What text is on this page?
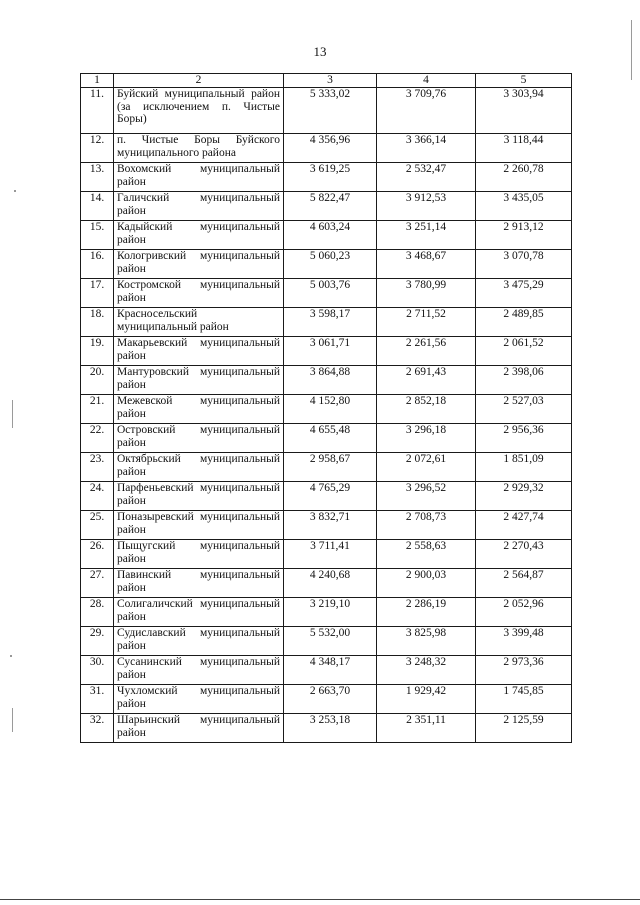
13
1	2	3	4	5
11.	Буйский муниципальный район (за исключением п. Чистые Боры)	5 333,02	3 709,76	3 303,94
12.	п. Чистые Боры Буйского муниципального района	4 356,96	3 366,14	3 118,44
13.	Вохомский муниципальный район	3 619,25	2 532,47	2 260,78
14.	Галичский муниципальный район	5 822,47	3 912,53	3 435,05
15.	Кадыйский муниципальный район	4 603,24	3 251,14	2 913,12
16.	Кологривский муниципальный район	5 060,23	3 468,67	3 070,78
17.	Костромской муниципальный район	5 003,76	3 780,99	3 475,29
18.	Красносельский муниципальный район	3 598,17	2 711,52	2 489,85
19.	Макарьевский муниципальный район	3 061,71	2 261,56	2 061,52
20.	Мантуровский муниципальный район	3 864,88	2 691,43	2 398,06
21.	Межевской муниципальный район	4 152,80	2 852,18	2 527,03
22.	Островский муниципальный район	4 655,48	3 296,18	2 956,36
23.	Октябрьский муниципальный район	2 958,67	2 072,61	1 851,09
24.	Парфеньевский муниципальный район	4 765,29	3 296,52	2 929,32
25.	Поназыревский муниципальный район	3 832,71	2 708,73	2 427,74
26.	Пыщугский муниципальный район	3 711,41	2 558,63	2 270,43
27.	Павинский муниципальный район	4 240,68	2 900,03	2 564,87
28.	Солигаличский муниципальный район	3 219,10	2 286,19	2 052,96
29.	Судиславский муниципальный район	5 532,00	3 825,98	3 399,48
30.	Сусанинский муниципальный район	4 348,17	3 248,32	2 973,36
31.	Чухломский муниципальный район	2 663,70	1 929,42	1 745,85
32.	Шарьинский муниципальный район	3 253,18	2 351,11	2 125,59
